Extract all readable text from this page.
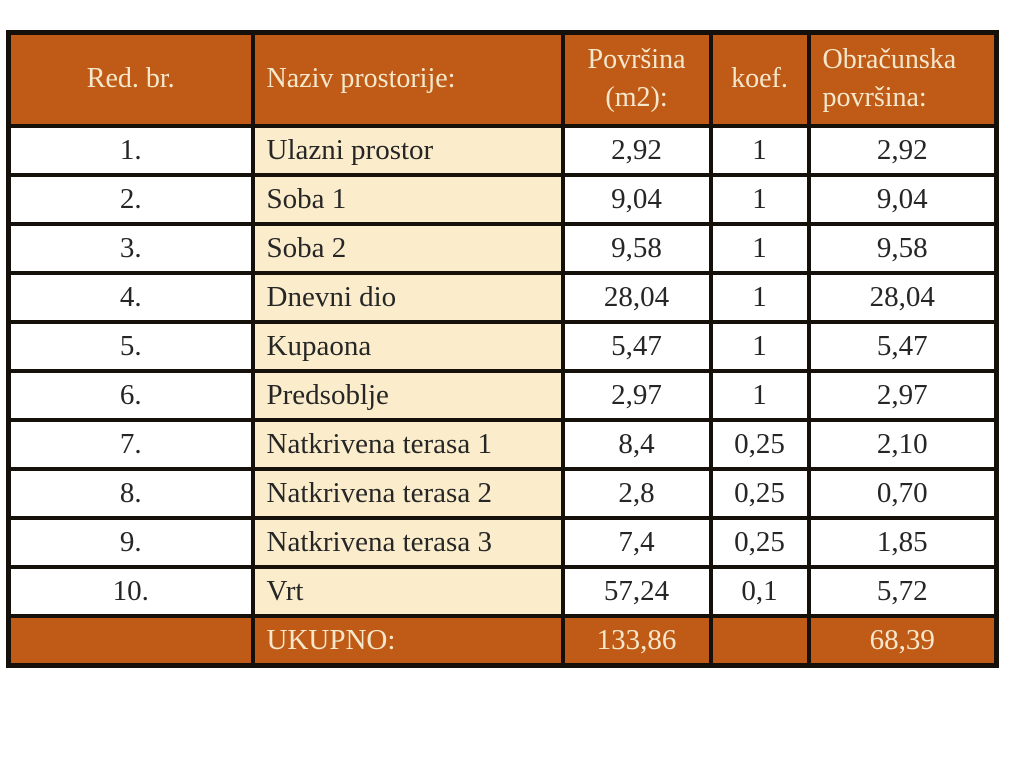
Red. br.	Naziv prostorije:	Površina (m2):	koef.	Obračunska površina:
1.	Ulazni prostor	2,92	1	2,92
2.	Soba 1	9,04	1	9,04
3.	Soba 2	9,58	1	9,58
4.	Dnevni dio	28,04	1	28,04
5.	Kupaona	5,47	1	5,47
6.	Predsoblje	2,97	1	2,97
7.	Natkrivena terasa 1	8,4	0,25	2,10
8.	Natkrivena terasa 2	2,8	0,25	0,70
9.	Natkrivena terasa 3	7,4	0,25	1,85
10.	Vrt	57,24	0,1	5,72
	UKUPNO:	133,86		68,39
